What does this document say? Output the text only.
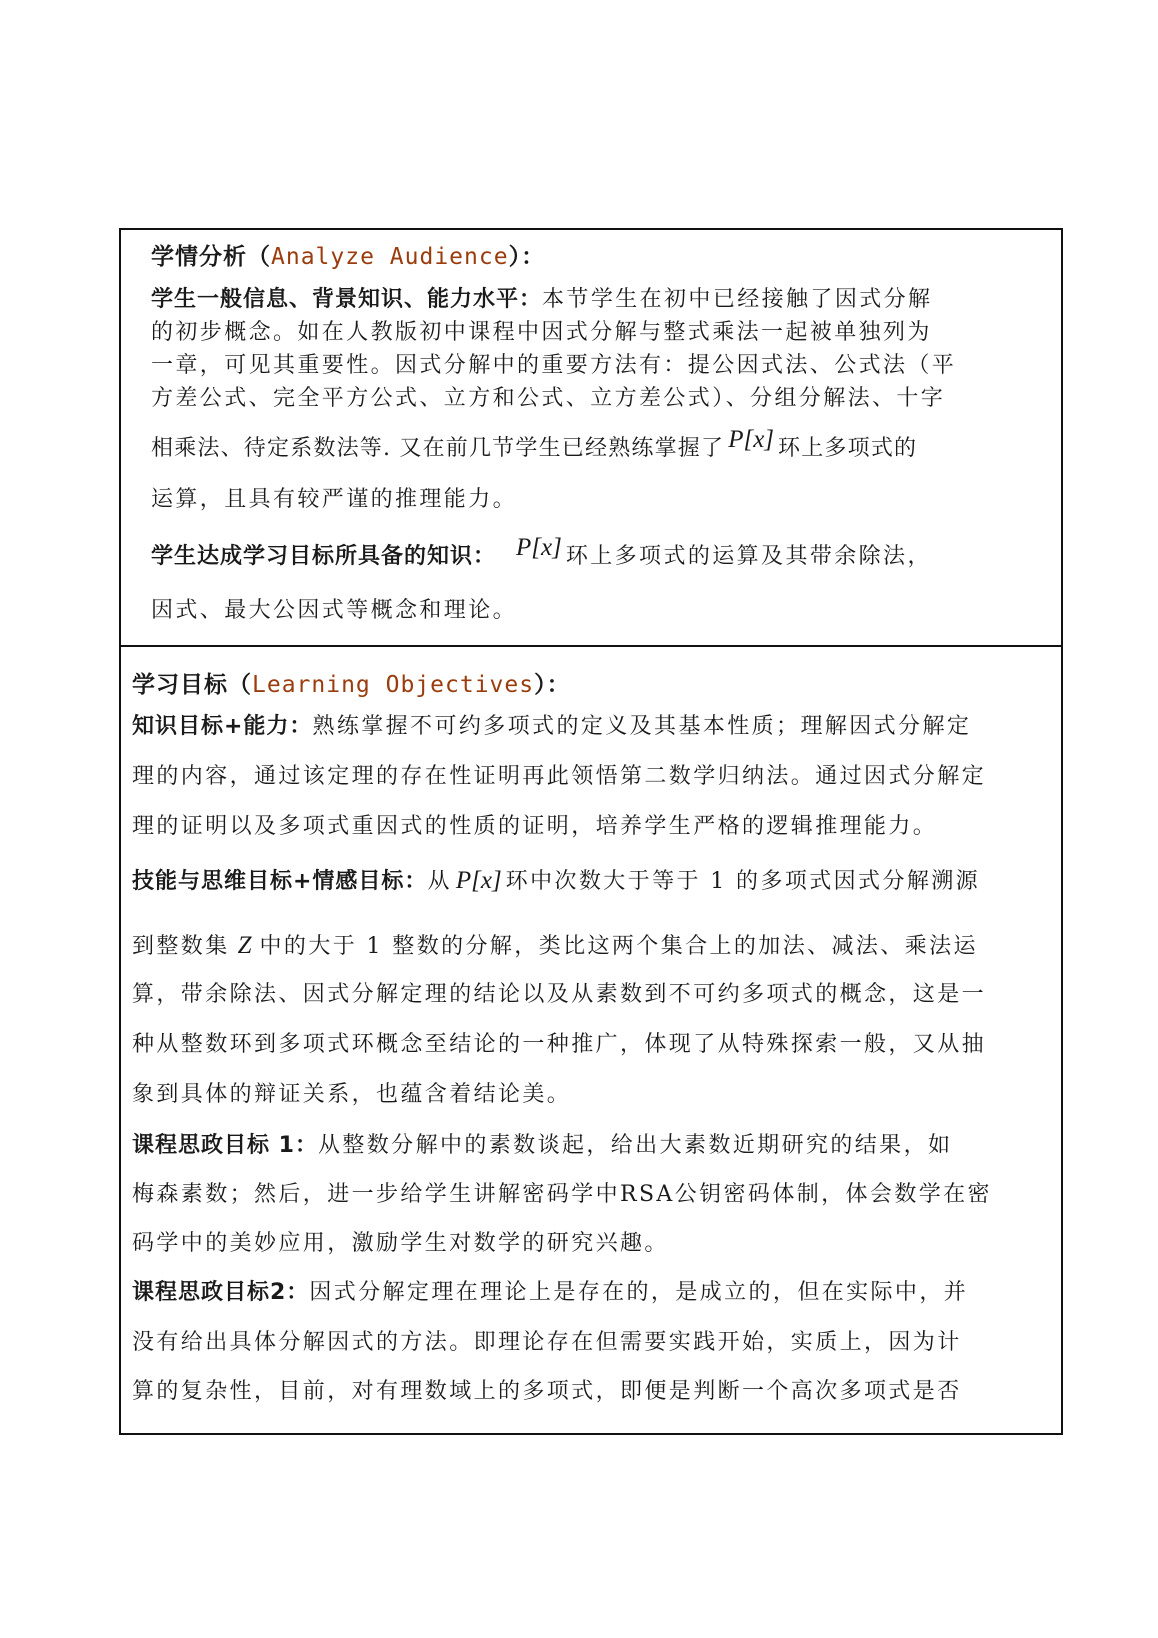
学情分析（Analyze Audience）：
学生一般信息、背景知识、能力水平：本节学生在初中已经接触了因式分解
的初步概念。如在人教版初中课程中因式分解与整式乘法一起被单独列为
一章，可见其重要性。因式分解中的重要方法有：提公因式法、公式法（平
方差公式、完全平方公式、立方和公式、立方差公式）、分组分解法、十字
相乘法、待定系数法等. 又在前几节学生已经熟练掌握了 P[x] 环上多项式的
运算，且具有较严谨的推理能力。
学生达成学习目标所具备的知识： P[x] 环上多项式的运算及其带余除法，
因式、最大公因式等概念和理论。
学习目标（Learning Objectives）：
知识目标+能力：熟练掌握不可约多项式的定义及其基本性质；理解因式分解定
理的内容，通过该定理的存在性证明再此领悟第二数学归纳法。通过因式分解定
理的证明以及多项式重因式的性质的证明，培养学生严格的逻辑推理能力。
技能与思维目标+情感目标：从 P[x] 环中次数大于等于 1 的多项式因式分解溯源
到整数集 Z 中的大于 1 整数的分解，类比这两个集合上的加法、减法、乘法运
算，带余除法、因式分解定理的结论以及从素数到不可约多项式的概念，这是一
种从整数环到多项式环概念至结论的一种推广，体现了从特殊探索一般，又从抽
象到具体的辩证关系，也蕴含着结论美。
课程思政目标 1：从整数分解中的素数谈起，给出大素数近期研究的结果，如
梅森素数；然后，进一步给学生讲解密码学中RSA公钥密码体制，体会数学在密
码学中的美妙应用，激励学生对数学的研究兴趣。
课程思政目标2：因式分解定理在理论上是存在的，是成立的，但在实际中，并
没有给出具体分解因式的方法。即理论存在但需要实践开始，实质上，因为计
算的复杂性，目前，对有理数域上的多项式，即便是判断一个高次多项式是否
